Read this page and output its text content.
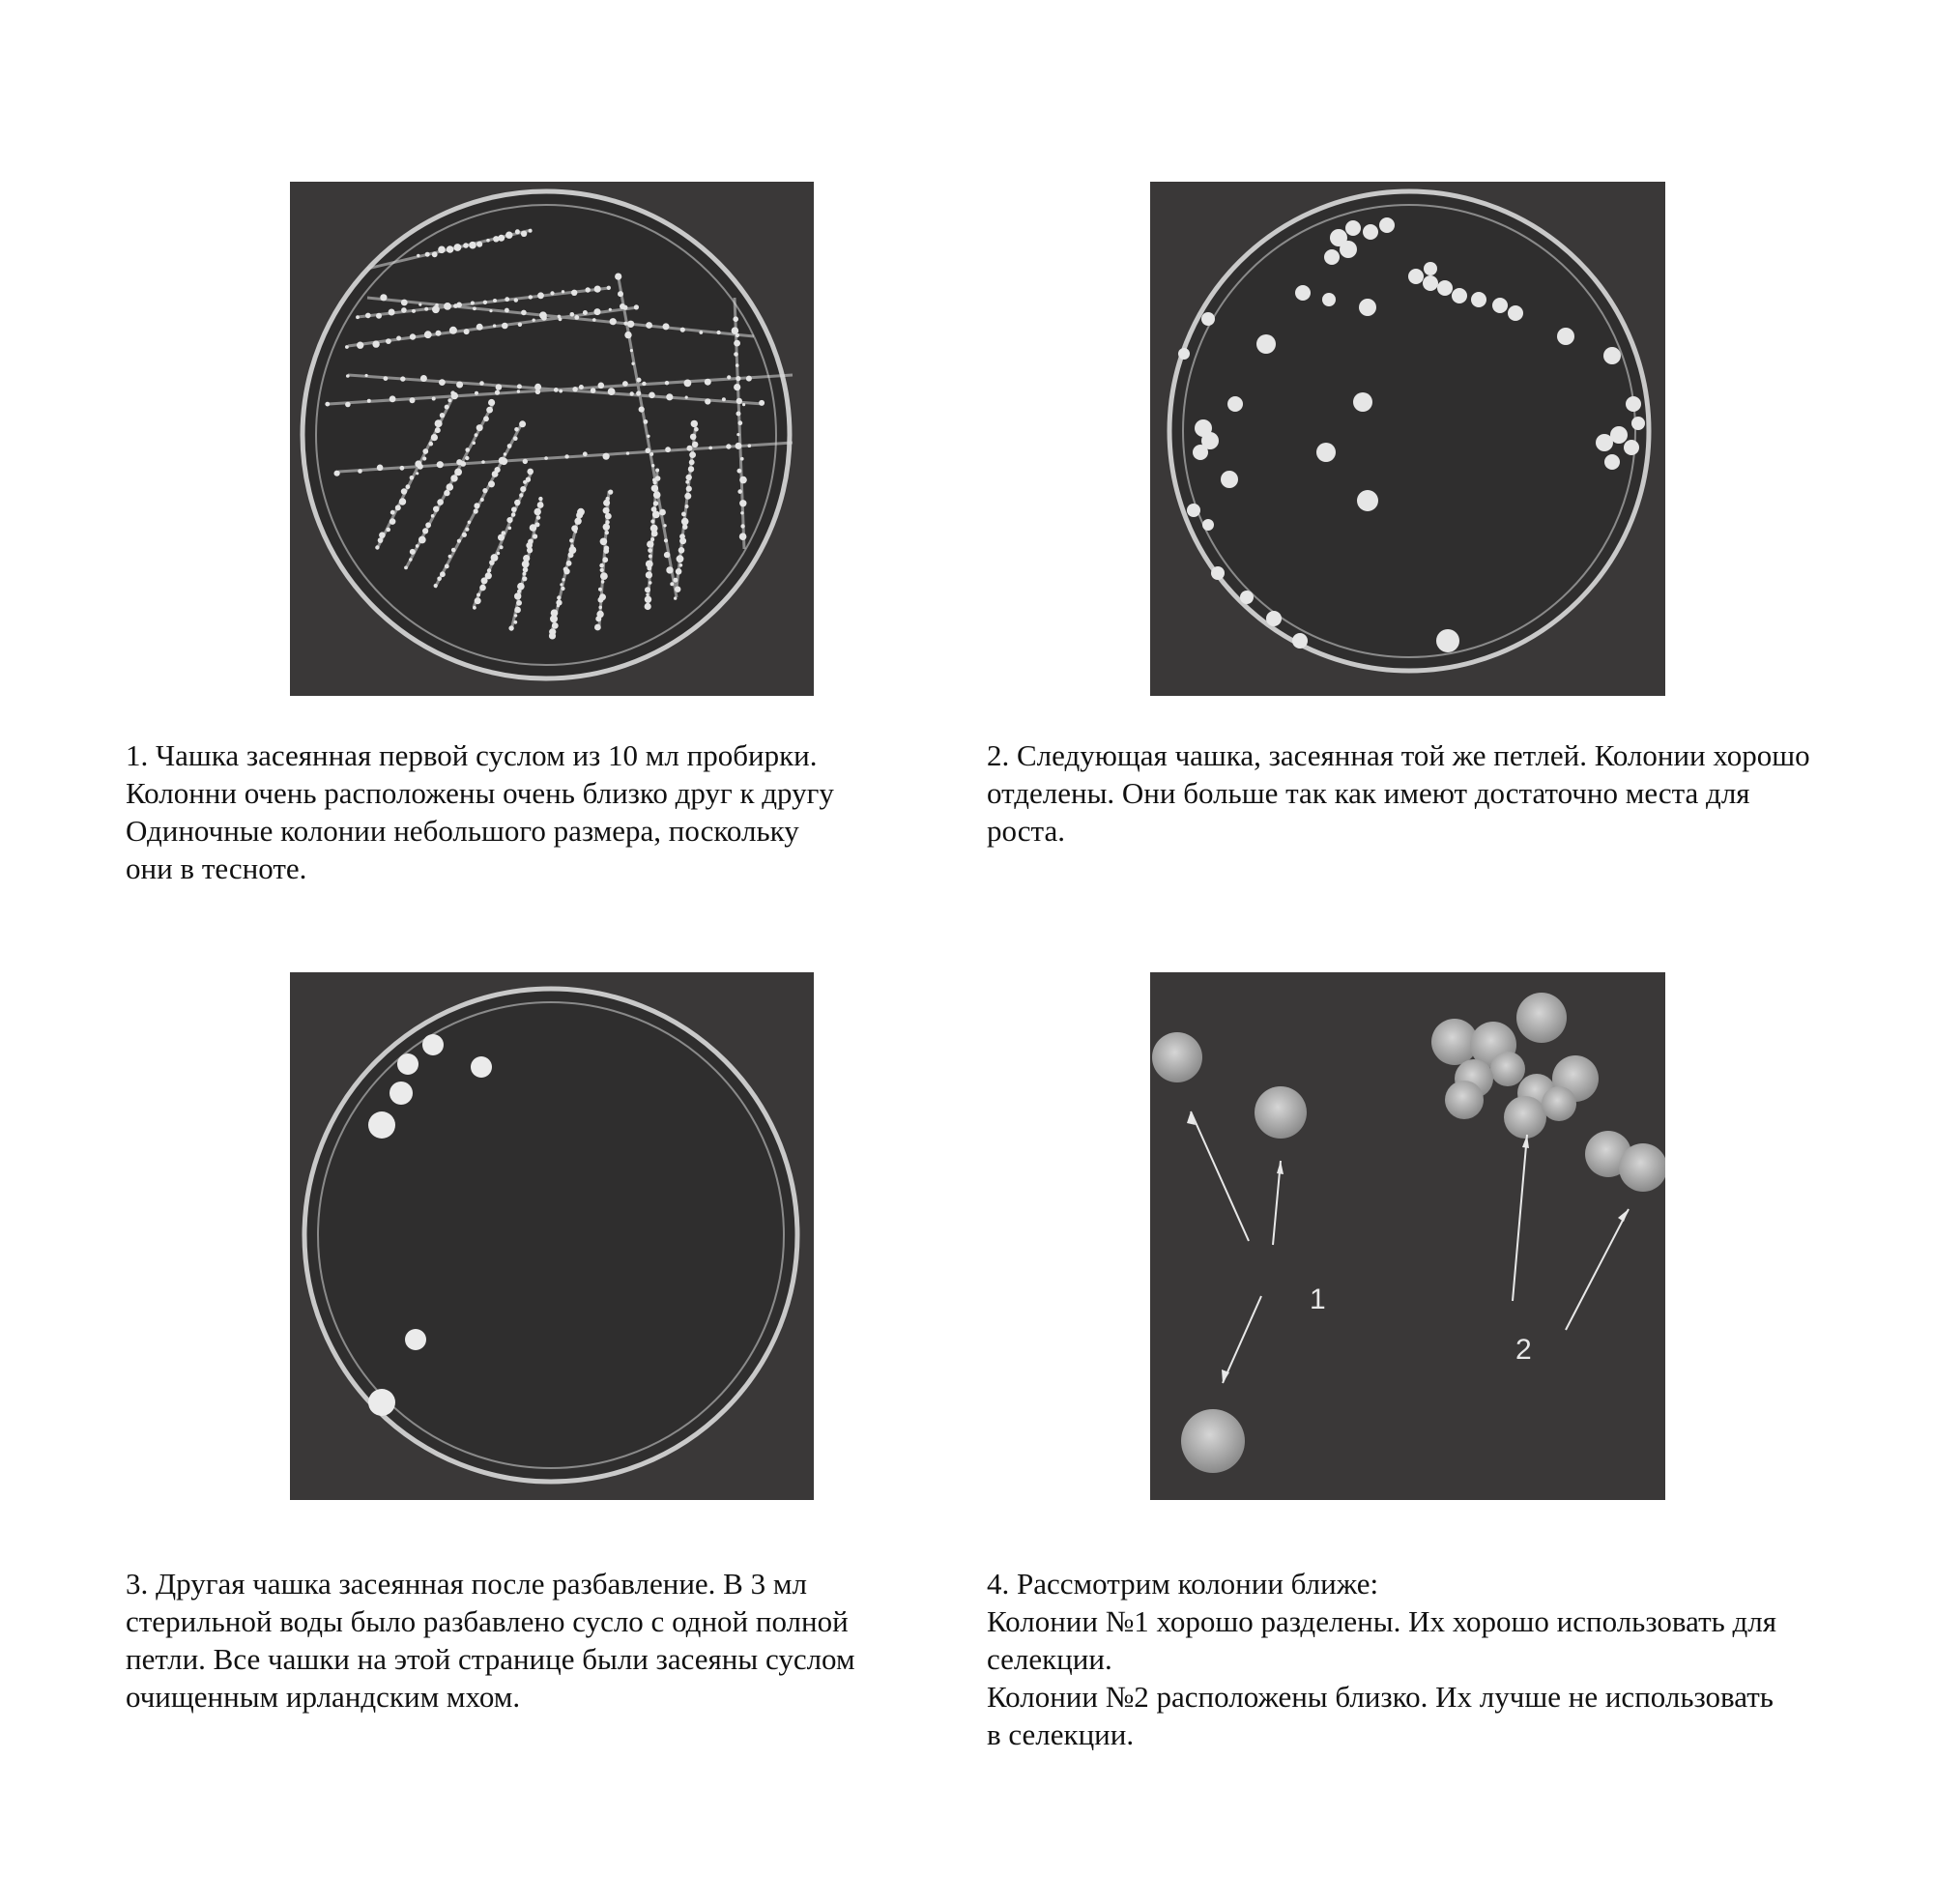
1
2
1. Чашка засеянная первой суслом из 10 мл пробирки.
Колонни очень расположены очень близко друг к другу
Одиночные колонии небольшого размера, поскольку
они в тесноте.
2. Следующая чашка, засеянная той же петлей. Колонии хорошо
отделены. Они больше так как имеют достаточно места для
роста.
3. Другая чашка засеянная после разбавление. В 3 мл
стерильной воды было разбавлено сусло с одной полной
петли. Все чашки на этой странице были засеяны суслом
очищенным ирландским мхом.
4. Рассмотрим колонии ближе:
Колонии №1 хорошо разделены. Их хорошо использовать для
селекции.
Колонии №2 расположены близко. Их лучше не использовать
в селекции.
